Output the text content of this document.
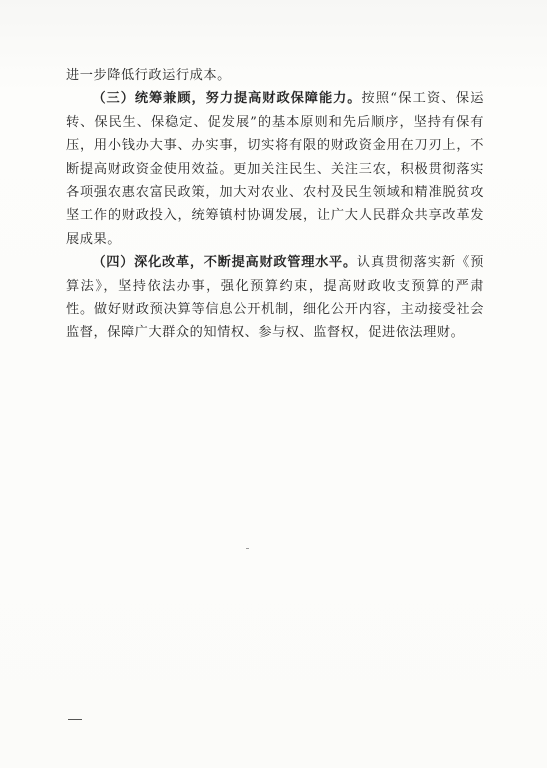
进一步降低行政运行成本。

（三）统筹兼顾，努力提高财政保障能力。按照“保工资、保运转、保民生、保稳定、促发展”的基本原则和先后顺序，坚持有保有压，用小钱办大事、办实事，切实将有限的财政资金用在刀刃上，不断提高财政资金使用效益。更加关注民生、关注三农，积极贯彻落实各项强农惠农富民政策，加大对农业、农村及民生领域和精准脱贫攻坚工作的财政投入，统筹镇村协调发展，让广大人民群众共享改革发展成果。

（四）深化改革，不断提高财政管理水平。认真贯彻落实新《预算法》，坚持依法办事，强化预算约束，提高财政收支预算的严肃性。做好财政预决算等信息公开机制，细化公开内容，主动接受社会监督，保障广大群众的知情权、参与权、监督权，促进依法理财。
